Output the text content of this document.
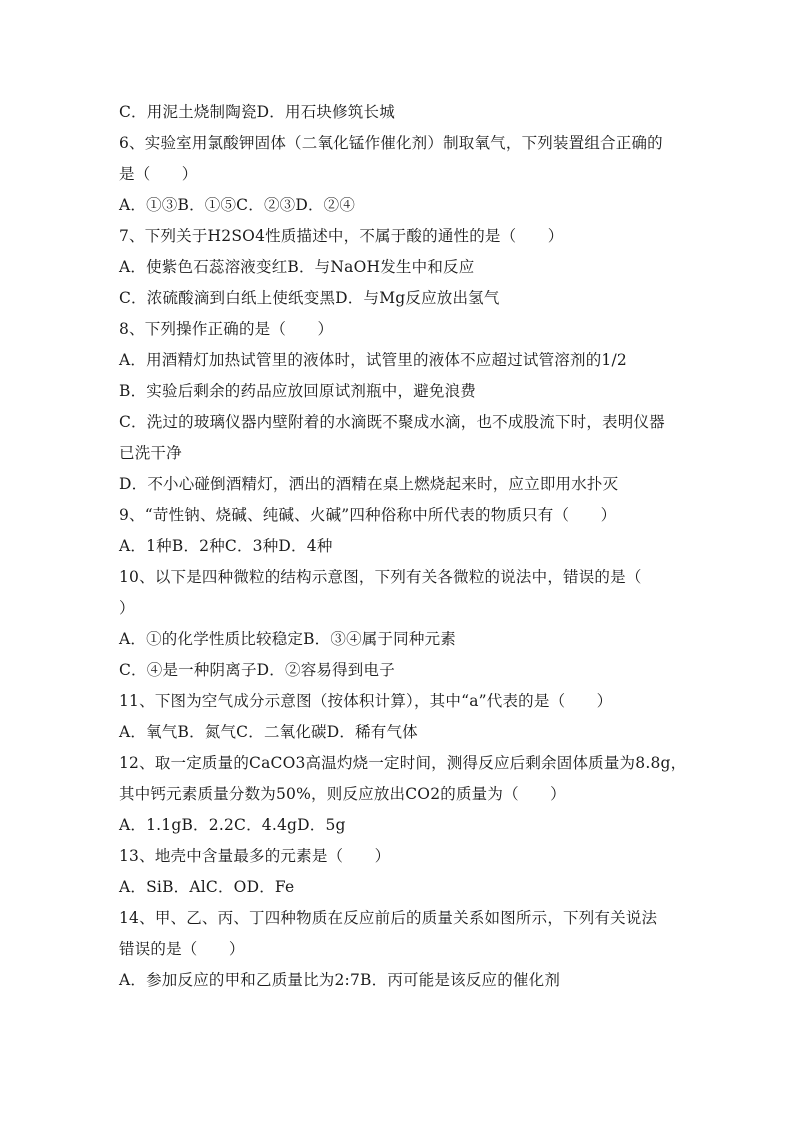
C．用泥土烧制陶瓷D．用石块修筑长城
6、实验室用氯酸钾固体（二氧化锰作催化剂）制取氧气，下列装置组合正确的
是（　　）
A．①③B．①⑤C．②③D．②④
7、下列关于H2SO4性质描述中，不属于酸的通性的是（　　）
A．使紫色石蕊溶液变红B．与NaOH发生中和反应
C．浓硫酸滴到白纸上使纸变黑D．与Mg反应放出氢气
8、下列操作正确的是（　　）
A．用酒精灯加热试管里的液体时，试管里的液体不应超过试管溶剂的1/2
B．实验后剩余的药品应放回原试剂瓶中，避免浪费
C．洗过的玻璃仪器内壁附着的水滴既不聚成水滴，也不成股流下时，表明仪器
已洗干净
D．不小心碰倒酒精灯，洒出的酒精在桌上燃烧起来时，应立即用水扑灭
9、“苛性钠、烧碱、纯碱、火碱”四种俗称中所代表的物质只有（　　）
A．1种B．2种C．3种D．4种
10、以下是四种微粒的结构示意图，下列有关各微粒的说法中，错误的是（
）
A．①的化学性质比较稳定B．③④属于同种元素
C．④是一种阴离子D．②容易得到电子
11、下图为空气成分示意图（按体积计算），其中“a”代表的是（　　）
A．氧气B．氮气C．二氧化碳D．稀有气体
12、取一定质量的CaCO3高温灼烧一定时间，测得反应后剩余固体质量为8.8g，
其中钙元素质量分数为50%，则反应放出CO2的质量为（　　）
A．1.1gB．2.2C．4.4gD．5g
13、地壳中含量最多的元素是（　　）
A．SiB．AlC．OD．Fe
14、甲、乙、丙、丁四种物质在反应前后的质量关系如图所示，下列有关说法
错误的是（　　）
A．参加反应的甲和乙质量比为2:7B．丙可能是该反应的催化剂
